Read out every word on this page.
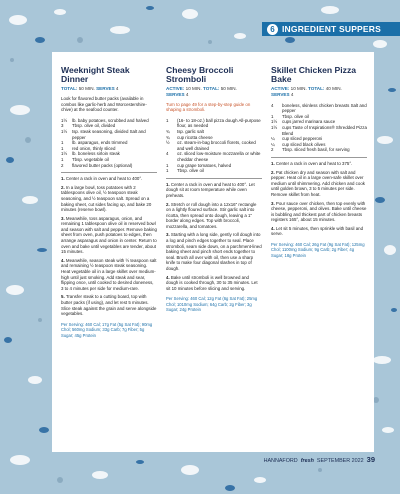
6 INGREDIENT SUPPERS
Weeknight Steak Dinner
TOTAL: 50 MIN. SERVES 4
Look for flavored butter packs (available in combos like garlic-herb and Worcestershire-chive) at the seafood counter.
1½	lb. baby potatoes, scrubbed and halved
3	Tbsp. olive oil, divided
1½	tsp. steak seasoning, divided Salt and pepper
1	lb. asparagus, ends trimmed
1	red onion, thinly sliced
1½	lb. boneless sirloin steak
1	Tbsp. vegetable oil
2	flavored butter packs (optional)
1. Center a rack in oven and heat to 400°.
2. In a large bowl, toss potatoes with 2 tablespoons olive oil, ½ teaspoon steak seasoning, and ½ teaspoon salt. Spread on a baking sheet, cut sides facing up, and bake 20 minutes (reserve bowl).
3. Meanwhile, toss asparagus, onion, and remaining 1 tablespoon olive oil in reserved bowl and season with salt and pepper. Remove baking sheet from oven, push potatoes to edges, then arrange asparagus and onion in center. Return to oven and bake until vegetables are tender, about 15 minutes.
4. Meanwhile, season steak with ½ teaspoon salt and remaining ½ teaspoon steak seasoning. Heat vegetable oil in a large skillet over medium-high until just smoking. Add steak and sear, flipping once, until cooked to desired doneness, 3 to 4 minutes per side for medium-rare.
5. Transfer steak to a cutting board, top with butter packs (if using), and let rest 5 minutes. Slice steak against the grain and serve alongside vegetables.
Per Serving: 460 Cal; 17g Fat (5g Sat Fat); 90mg Chol; 560mg Sodium; 33g Carb; 7g Fiber; 5g Sugar; 45g Protein
Cheesy Broccoli Stromboli
ACTIVE: 10 MIN. TOTAL: 50 MIN.
SERVES 4
Turn to page 49 for a step-by-step guide on shaping a stromboli.
1	(16- to 18-oz.) ball pizza dough All-purpose flour, as needed
¾	tsp. garlic salt
¾	cup ricotta cheese
½	oz. steam-in-bag broccoli florets, cooked and well drained
4	oz. sliced low-moisture mozzarella or white cheddar cheese
1	cup grape tomatoes, halved
1	Tbsp. olive oil
1. Center a rack in oven and heat to 400°. Let dough sit at room temperature while oven preheats.
2. Stretch or roll dough into a 12x16" rectangle on a lightly floured surface. Stir garlic salt into ricotta, then spread onto dough, leaving a 1" border along edges. Top with broccoli, mozzarella, and tomatoes.
3. Starting with a long side, gently roll dough into a log and pinch edges together to seal. Place stromboli, seam side down, on a parchment-lined baking sheet and pinch short ends together to seal. Brush all over with oil, then use a sharp knife to make four diagonal slashes in top of dough.
4. Bake until stromboli is well browned and dough is cooked through, 30 to 35 minutes. Let sit 10 minutes before slicing and serving.
Per Serving: 460 Cal; 12g Fat (6g Sat Fat); 25mg Chol; 1010mg Sodium; 64g Carb; 2g Fiber; 3g Sugar; 24g Protein
Skillet Chicken Pizza Bake
ACTIVE: 10 MIN. TOTAL: 40 MIN.
SERVES 4
4	boneless, skinless chicken breasts Salt and pepper
1	Tbsp. olive oil
1½	cups jarred marinara sauce
1½	cups Taste of Inspirations® Shredded Pizza Blend
¼	cup sliced pepperoni
¼	cup sliced black olives
2	Tbsp. sliced fresh basil, for serving
1. Center a rack in oven and heat to 375°.
2. Pat chicken dry and season with salt and pepper. Heat oil in a large oven-safe skillet over medium until shimmering. Add chicken and cook until golden brown, 3 to 5 minutes per side. Remove skillet from heat.
3. Pour sauce over chicken, then top evenly with cheese, pepperoni, and olives. Bake until cheese is bubbling and thickest part of chicken breasts registers 165°, about 15 minutes.
4. Let sit 5 minutes, then sprinkle with basil and serve.
Per Serving: 460 Cal; 26g Fat (9g Sat Fat); 125mg Chol; 1100mg Sodium; 9g Carb; 2g Fiber; 4g Sugar; 18g Protein
HANNAFORD fresh SEPTEMBER 2022 39
